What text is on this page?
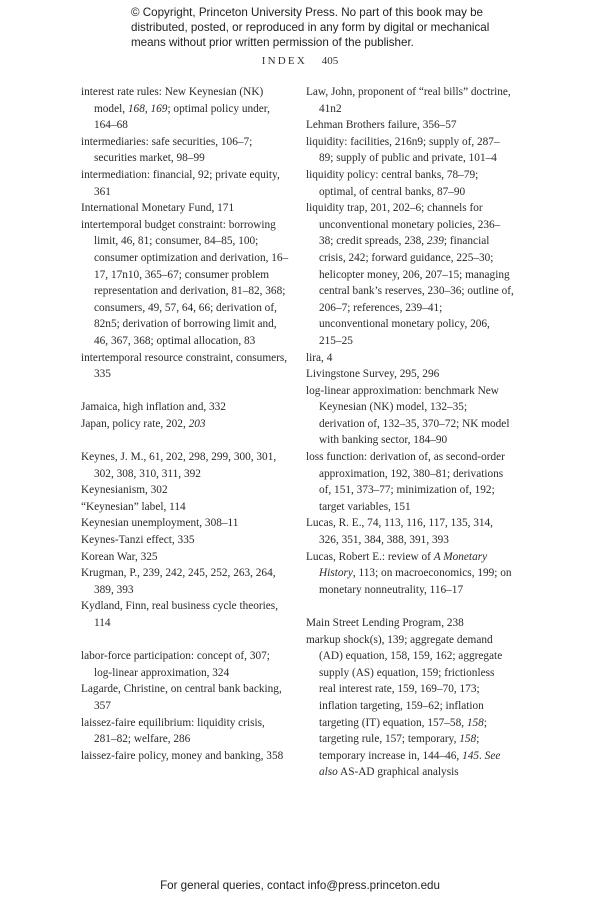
© Copyright, Princeton University Press. No part of this book may be distributed, posted, or reproduced in any form by digital or mechanical means without prior written permission of the publisher.
INDEX 405
interest rate rules: New Keynesian (NK) model, 168, 169; optimal policy under, 164–68
intermediaries: safe securities, 106–7; securities market, 98–99
intermediation: financial, 92; private equity, 361
International Monetary Fund, 171
intertemporal budget constraint: borrowing limit, 46, 81; consumer, 84–85, 100; consumer optimization and derivation, 16–17, 17n10, 365–67; consumer problem representation and derivation, 81–82, 368; consumers, 49, 57, 64, 66; derivation of, 82n5; derivation of borrowing limit and, 46, 367, 368; optimal allocation, 83
intertemporal resource constraint, consumers, 335
Jamaica, high inflation and, 332
Japan, policy rate, 202, 203
Keynes, J. M., 61, 202, 298, 299, 300, 301, 302, 308, 310, 311, 392
Keynesianism, 302
“Keynesian” label, 114
Keynesian unemployment, 308–11
Keynes-Tanzi effect, 335
Korean War, 325
Krugman, P., 239, 242, 245, 252, 263, 264, 389, 393
Kydland, Finn, real business cycle theories, 114
labor-force participation: concept of, 307; log-linear approximation, 324
Lagarde, Christine, on central bank backing, 357
laissez-faire equilibrium: liquidity crisis, 281–82; welfare, 286
laissez-faire policy, money and banking, 358
Law, John, proponent of “real bills” doctrine, 41n2
Lehman Brothers failure, 356–57
liquidity: facilities, 216n9; supply of, 287–89; supply of public and private, 101–4
liquidity policy: central banks, 78–79; optimal, of central banks, 87–90
liquidity trap, 201, 202–6; channels for unconventional monetary policies, 236–38; credit spreads, 238, 239; financial crisis, 242; forward guidance, 225–30; helicopter money, 206, 207–15; managing central bank’s reserves, 230–36; outline of, 206–7; references, 239–41; unconventional monetary policy, 206, 215–25
lira, 4
Livingstone Survey, 295, 296
log-linear approximation: benchmark New Keynesian (NK) model, 132–35; derivation of, 132–35, 370–72; NK model with banking sector, 184–90
loss function: derivation of, as second-order approximation, 192, 380–81; derivations of, 151, 373–77; minimization of, 192; target variables, 151
Lucas, R. E., 74, 113, 116, 117, 135, 314, 326, 351, 384, 388, 391, 393
Lucas, Robert E.: review of A Monetary History, 113; on macroeconomics, 199; on monetary nonneutrality, 116–17
Main Street Lending Program, 238
markup shock(s), 139; aggregate demand (AD) equation, 158, 159, 162; aggregate supply (AS) equation, 159; frictionless real interest rate, 159, 169–70, 173; inflation targeting, 159–62; inflation targeting (IT) equation, 157–58, 158; targeting rule, 157; temporary, 158; temporary increase in, 144–46, 145. See also AS-AD graphical analysis
For general queries, contact info@press.princeton.edu
